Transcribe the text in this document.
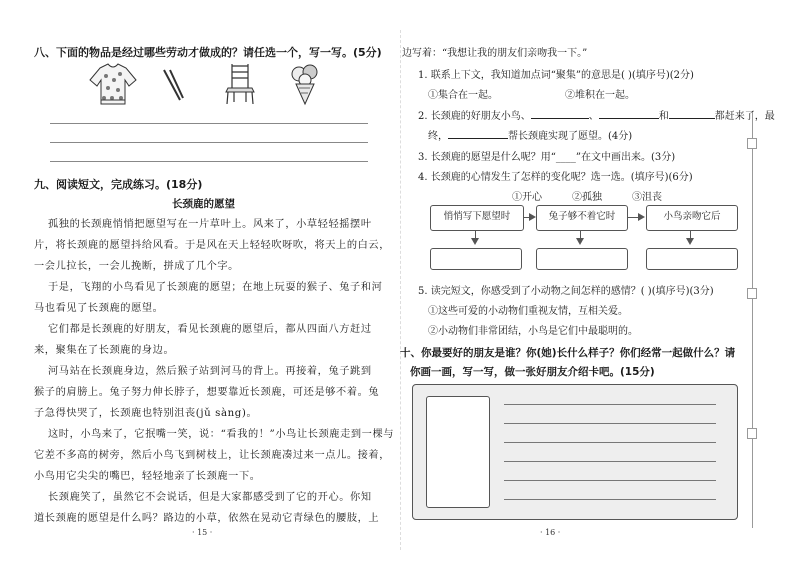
八、下面的物品是经过哪些劳动才做成的？请任选一个，写一写。(5分)
九、阅读短文，完成练习。(18分)
长颈鹿的愿望
孤独的长颈鹿悄悄把愿望写在一片草叶上。风来了，小草轻轻摇摆叶
片，将长颈鹿的愿望抖给风看。于是风在天上轻轻吹呀吹，将天上的白云，
一会儿拉长，一会儿挽断，拼成了几个字。
于是，飞翔的小鸟看见了长颈鹿的愿望；在地上玩耍的猴子、兔子和河
马也看见了长颈鹿的愿望。
它们都是长颈鹿的好朋友，看见长颈鹿的愿望后，都从四面八方赶过
来，聚集在了长颈鹿的身边。
河马站在长颈鹿身边，然后猴子站到河马的背上。再接着，兔子跳到
猴子的肩膀上。兔子努力伸长脖子，想要靠近长颈鹿，可还是够不着。兔
子急得快哭了，长颈鹿也特别沮丧(jǔ sàng)。
这时，小鸟来了，它抿嘴一笑，说：“看我的！”小鸟让长颈鹿走到一棵与
它差不多高的树旁，然后小鸟飞到树枝上，让长颈鹿凑过来一点儿。接着，
小鸟用它尖尖的嘴巴，轻轻地亲了长颈鹿一下。
长颈鹿笑了，虽然它不会说话，但是大家都感受到了它的开心。你知
道长颈鹿的愿望是什么吗？路边的小草，依然在晃动它青绿色的腰肢，上
· 15 ·
边写着：“我想让我的朋友们亲吻我一下。”
1. 联系上下文，我知道加点词“聚集”的意思是( )(填序号)(2分)
①集合在一起。	②堆积在一起。
2. 长颈鹿的好朋友小鸟、	、	和	都赶来了，最
终，	帮长颈鹿实现了愿望。(4分)
3. 长颈鹿的愿望是什么呢？用“____”在文中画出来。(3分)
4. 长颈鹿的心情发生了怎样的变化呢？选一选。(填序号)(6分)
①开心	②孤独	③沮丧
悄悄写下愿望时	兔子够不着它时	小鸟亲吻它后
5. 读完短文，你感受到了小动物之间怎样的感情？( )(填序号)(3分)
①这些可爱的小动物们重视友情，互相关爱。
②小动物们非常团结，小鸟是它们中最聪明的。
十、你最要好的朋友是谁？你(她)长什么样子？你们经常一起做什么？请
你画一画，写一写，做一张好朋友介绍卡吧。(15分)
· 16 ·
